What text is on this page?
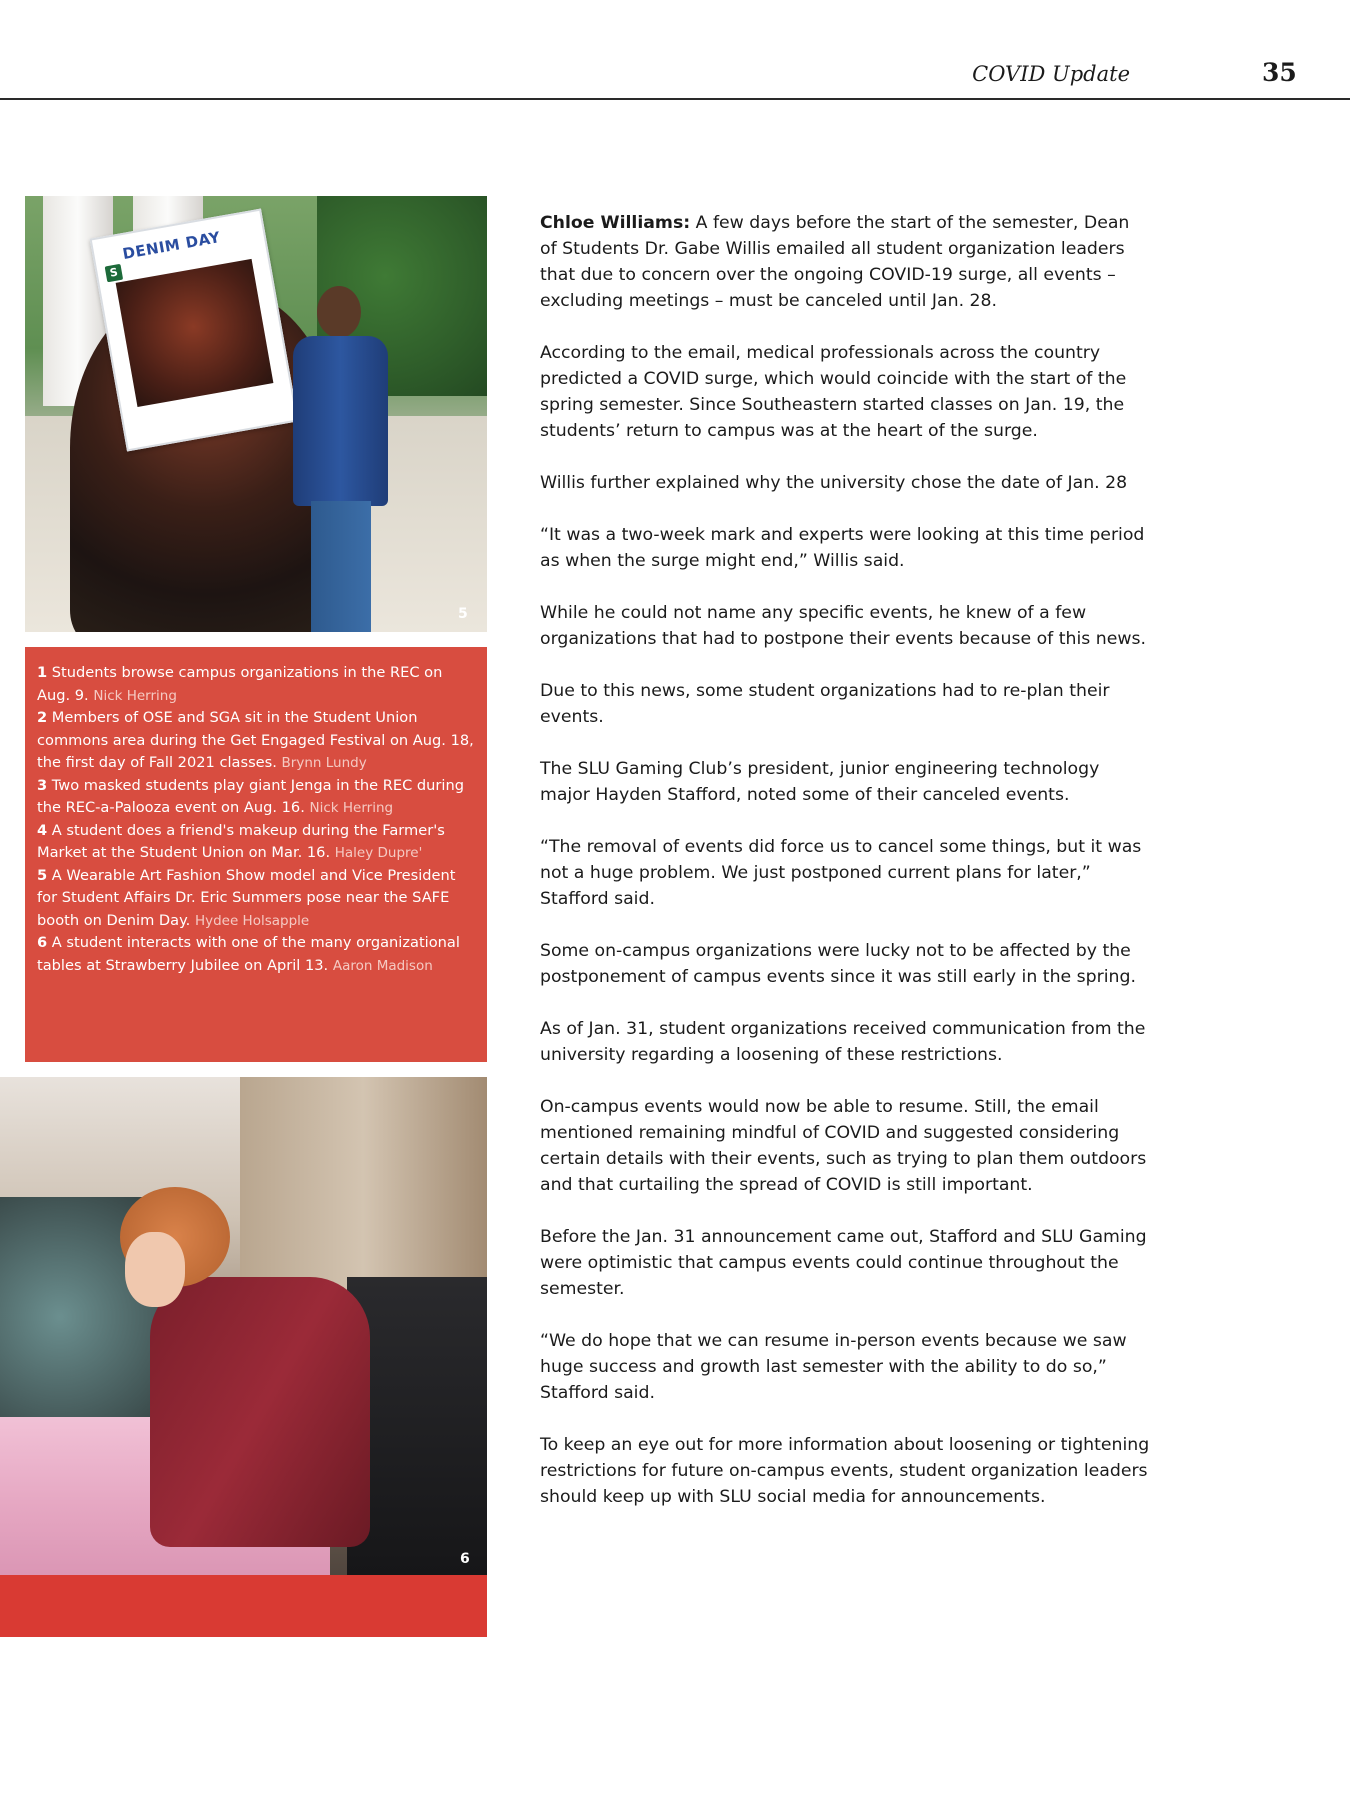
COVID Update	35
S
DENIM DAY
5

1 Students browse campus organizations in the REC on Aug. 9. Nick Herring

2 Members of OSE and SGA sit in the Student Union commons area during the Get Engaged Festival on Aug. 18, the first day of Fall 2021 classes. Brynn Lundy

3 Two masked students play giant Jenga in the REC during the REC-a-Palooza event on Aug. 16. Nick Herring

4 A student does a friend's makeup during the Farmer's Market at the Student Union on Mar. 16. Haley Dupre'

5 A Wearable Art Fashion Show model and Vice President for Student Affairs Dr. Eric Summers pose near the SAFE booth on Denim Day. Hydee Holsapple

6 A student interacts with one of the many organizational tables at Strawberry Jubilee on April 13. Aaron Madison

6

Chloe Williams: A few days before the start of the semester, Dean of Students Dr. Gabe Willis emailed all student organization leaders that due to concern over the ongoing COVID-19 surge, all events – excluding meetings – must be canceled until Jan. 28.

According to the email, medical professionals across the country predicted a COVID surge, which would coincide with the start of the spring semester. Since Southeastern started classes on Jan. 19, the students’ return to campus was at the heart of the surge.

Willis further explained why the university chose the date of Jan. 28

“It was a two-week mark and experts were looking at this time period as when the surge might end,” Willis said.

While he could not name any specific events, he knew of a few organizations that had to postpone their events because of this news.

Due to this news, some student organizations had to re-plan their events.

The SLU Gaming Club’s president, junior engineering technology major Hayden Stafford, noted some of their canceled events.

“The removal of events did force us to cancel some things, but it was not a huge problem. We just postponed current plans for later,” Stafford said.

Some on-campus organizations were lucky not to be affected by the postponement of campus events since it was still early in the spring.

As of Jan. 31, student organizations received communication from the university regarding a loosening of these restrictions.

On-campus events would now be able to resume. Still, the email mentioned remaining mindful of COVID and suggested considering certain details with their events, such as trying to plan them outdoors and that curtailing the spread of COVID is still important.

Before the Jan. 31 announcement came out, Stafford and SLU Gaming were optimistic that campus events could continue throughout the semester.

“We do hope that we can resume in-person events because we saw huge success and growth last semester with the ability to do so,” Stafford said.

To keep an eye out for more information about loosening or tightening restrictions for future on-campus events, student organization leaders should keep up with SLU social media for announcements.
